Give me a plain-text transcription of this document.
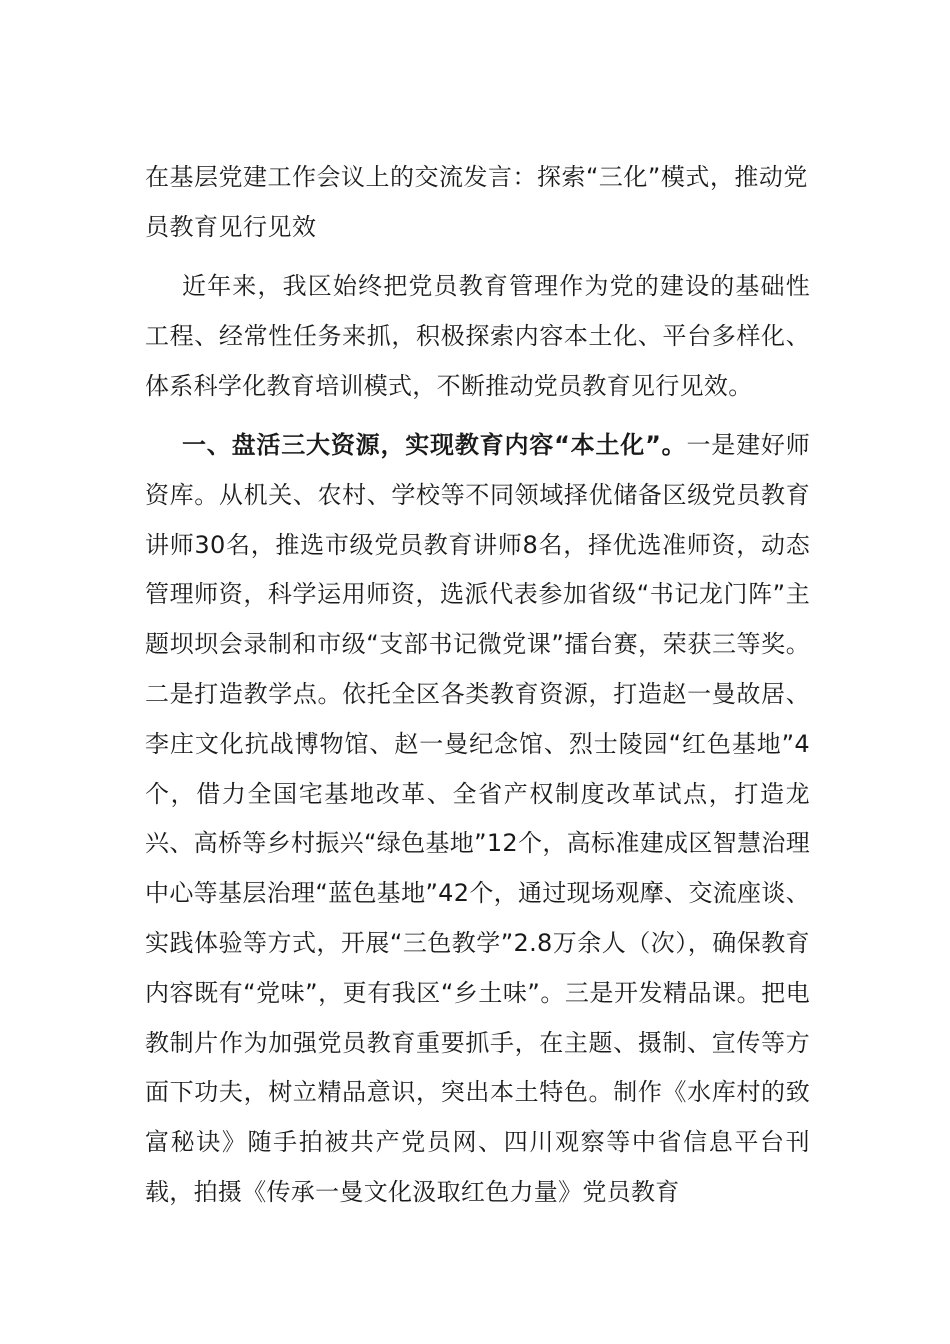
在基层党建工作会议上的交流发言：探索“三化”模式，推动党员教育见行见效
近年来，我区始终把党员教育管理作为党的建设的基础性工程、经常性任务来抓，积极探索内容本土化、平台多样化、体系科学化教育培训模式，不断推动党员教育见行见效。
一、盘活三大资源，实现教育内容“本土化”。一是建好师资库。从机关、农村、学校等不同领域择优储备区级党员教育讲师30名，推选市级党员教育讲师8名，择优选准师资，动态管理师资，科学运用师资，选派代表参加省级“书记龙门阵”主题坝坝会录制和市级“支部书记微党课”擂台赛，荣获三等奖。二是打造教学点。依托全区各类教育资源，打造赵一曼故居、李庄文化抗战博物馆、赵一曼纪念馆、烈士陵园“红色基地”4个，借力全国宅基地改革、全省产权制度改革试点，打造龙兴、高桥等乡村振兴“绿色基地”12个，高标准建成区智慧治理中心等基层治理“蓝色基地”42个，通过现场观摩、交流座谈、实践体验等方式，开展“三色教学”2.8万余人（次），确保教育内容既有“党味”，更有我区“乡土味”。三是开发精品课。把电教制片作为加强党员教育重要抓手，在主题、摄制、宣传等方面下功夫，树立精品意识，突出本土特色。制作《水库村的致富秘诀》随手拍被共产党员网、四川观察等中省信息平台刊载，拍摄《传承一曼文化汲取红色力量》党员教育
